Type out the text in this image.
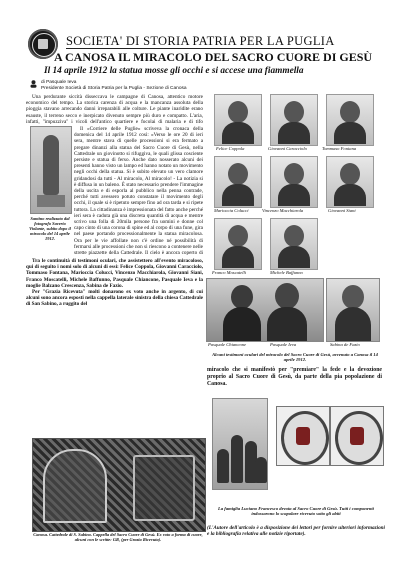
SOCIETA' DI STORIA PATRIA PER LA PUGLIA
A CANOSA IL MIRACOLO DEL SACRO CUORE DI GESÙ
Il 14 aprile 1912 la statua mosse gli occhi e si accese una fiammella
di Pasquale Ieva
Presidente Società di Storia Patria per la Puglia - Sezione di Canosa

Una perdurante siccità disseccava le campagne di Canosa, attentico motore economico del tempo. La storica carenza di acqua e la mancanza assoluta della pioggia stavano arrecando danni irreparabili alle colture. Le piante inaridite erano esauste, il terreno secco e inerpicato divenuto sempre più duro e compatto. L'aria, infatti, "impuzziva" i vicoli dell'antico quartiere e focolai di malaria e di tifo

Santino realizzato dal fotografo Saverio Violante, subito dopo il miracolo del 14 aprile 1912.

Il «Corriere delle Puglie» scriveva la cronaca della domenica del 14 aprile 1912 così: «Verso le ore 20 di ieri sera, mentre stava di quelle processioni si era fermato a pregare dinanzi alla statua del Sacro Cuore di Gesù, nella Cattedrale un giovinotto si rifuggiva, le quali glissa cosciente persiste e statua di ferso. Anche dato nosserato alcuni dei presenti hanno visto un lampo ed hanno notato un movimento negli occhi della statua. Si è subito elevato un vero clamore gridandosi da tutti - Al miracolo, Al miracolo! - La notizia si è diffusa in un baleno. È stato necessario prendere l'immagine della uscita e di esporla al pubblico nella penna contrade, perché tutti avessero potuto constatare il movimento degli occhi, il quale si è ripetuto sempre fino ad ora tarda e si ripete tuttora. La cittadinanza è impressionata del fatto anche perché ieri sera è caduta già una discreta quantità di acqua e mentre scrivo una folla di 20mila persone fra uomini e donne col capo cinto di una corona di spine ed al corpo di una fune, gira nel paese portando processionalmente la statua miracolosa. Ora per le vie affollate non c'è ordine né possibilità di fermarsi alle processioni che non si riescono a contenere nelle strette piazzette della Cattedrale. Il cielo è ancora coperto di

Tra le continuità di testimoni oculari, che assistettero all'evento miracoloso, qui di seguito i nomi solo di alcuni di essi: Felice Coppola, Giovanni Caracciolo, Tommaso Fontana, Marioccia Colucci, Vincenzo Macchiarola, Giovanni Siani, Franco Moscatelli, Michele Baffunno, Pasquale Chiancone, Pasquale Ieva e la moglie Balzano Crescenza, Sabina de Fazio.

Per "Grazia Ricevuta" molti donarono ex voto anche in argento, di cui alcuni sono ancora esposti nella cappella laterale sinistra della chiesa Cattedrale di San Sabino, a ruggito del

Felice Coppola	Giovanni Caracciolo	Tommaso Fontana
Marioccia Colucci	Vincenzo Macchiarola	Giovanni Siani
Franco Moscatelli	Michele Baffunno
Pasquale Chiancone	Pasquale Ieva	Sabina de Fazio
Alcuni testimoni oculari del miracolo del Sacro Cuore di Gesù, avvenuto a Canosa il 14 aprile 1912.
miracolo che si manifestò per "premiare" la fede e la devozione proprio al Sacro Cuore di Gesù, da parte della pia popolazione di Canosa.
Canosa. Cattedrale di S. Sabino. Cappella del Sacro Cuore di Gesù. Ex voto a forma di cuore, alcuni con le scritte: GR, (per Grazia Ricevuta).
La famiglia Luciano Francesco devota al Sacro Cuore di Gesù. Tutti i componenti indossarono lo scapolare ricevuto sotto gli abiti
(L'Autore dell'articolo è a disposizione dei lettori per fornire ulteriori informazioni e la bibliografia relativa alle notizie riportate).
